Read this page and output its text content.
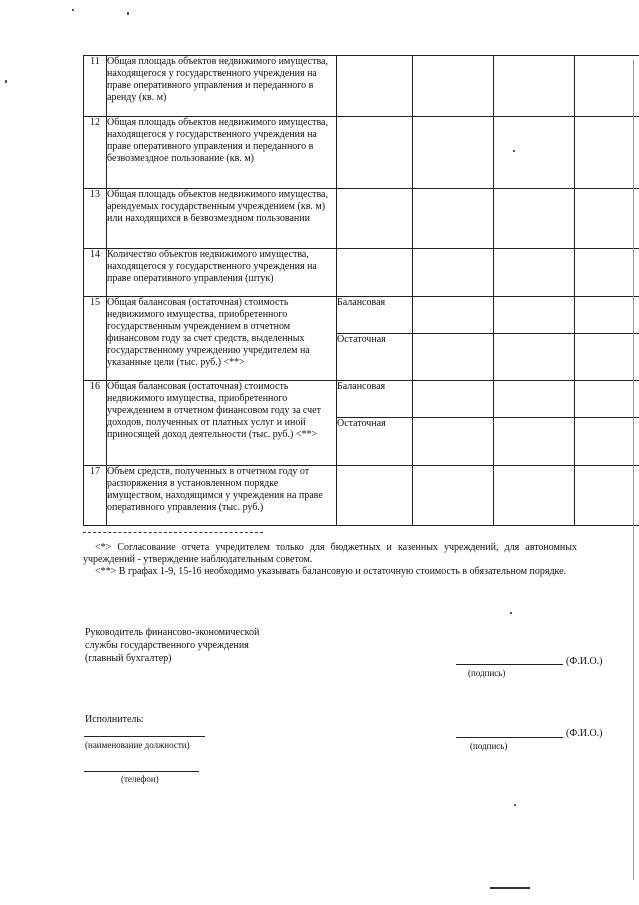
11	Общая площадь объектов недвижимого имущества, находящегося у государственного учреждения на праве оперативного управления и переданного в аренду (кв. м)				
12	Общая площадь объектов недвижимого имущества, находящегося у государственного учреждения на праве оперативного управления и переданного в безвозмездное пользование (кв. м)				
13	Общая площадь объектов недвижимого имущества, арендуемых государственным учреждением (кв. м) или находящихся в безвозмездном пользовании				
14	Количество объектов недвижимого имущества, находящегося у государственного учреждения на праве оперативного управления (штук)				
15	Общая балансовая (остаточная) стоимость недвижимого имущества, приобретенного государственным учреждением в отчетном финансовом году за счет средств, выделенных государственному учреждению учредителем на указанные цели (тыс. руб.) <**>	Балансовая			
		Остаточная			
16	Общая балансовая (остаточная) стоимость недвижимого имущества, приобретенного учреждением в отчетном финансовом году за счет доходов, полученных от платных услуг и иной приносящей доход деятельности (тыс. руб.) <**>	Балансовая			
		Остаточная			
17	Объем средств, полученных в отчетном году от распоряжения в установленном порядке имуществом, находящимся у учреждения на праве оперативного управления (тыс. руб.)				

<*> Согласование отчета учредителем только для бюджетных и казенных учреждений, для автономных учреждений - утверждение наблюдательным советом.

<**> В графах 1-9, 15-16 необходимо указывать балансовую и остаточную стоимость в обязательном порядке.

Руководитель финансово-экономической
службы государственного учреждения
(главный бухгалтер)	(Ф.И.О.)
(подпись)
Исполнитель:
(наименование должности)
(Ф.И.О.)
(подпись)
(телефон)
